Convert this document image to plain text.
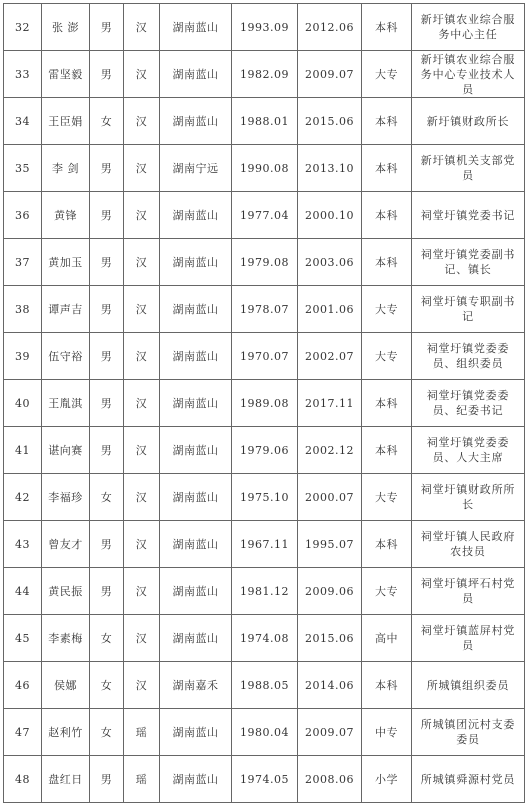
32	张 澎	男	汉	湖南蓝山	1993.09	2012.06	本科	新圩镇农业综合服务中心主任
33	雷坚毅	男	汉	湖南蓝山	1982.09	2009.07	大专	新圩镇农业综合服务中心专业技术人员
34	王臣娟	女	汉	湖南蓝山	1988.01	2015.06	本科	新圩镇财政所长
35	李 剑	男	汉	湖南宁远	1990.08	2013.10	本科	新圩镇机关支部党员
36	黄锋	男	汉	湖南蓝山	1977.04	2000.10	本科	祠堂圩镇党委书记
37	黄加玉	男	汉	湖南蓝山	1979.08	2003.06	本科	祠堂圩镇党委副书记、镇长
38	谭声吉	男	汉	湖南蓝山	1978.07	2001.06	大专	祠堂圩镇专职副书记
39	伍守裕	男	汉	湖南蓝山	1970.07	2002.07	大专	祠堂圩镇党委委员、组织委员
40	王胤淇	男	汉	湖南蓝山	1989.08	2017.11	本科	祠堂圩镇党委委员、纪委书记
41	谌向赛	男	汉	湖南蓝山	1979.06	2002.12	本科	祠堂圩镇党委委员、人大主席
42	李福珍	女	汉	湖南蓝山	1975.10	2000.07	大专	祠堂圩镇财政所所长
43	曾友才	男	汉	湖南蓝山	1967.11	1995.07	本科	祠堂圩镇人民政府农技员
44	黄民振	男	汉	湖南蓝山	1981.12	2009.06	大专	祠堂圩镇坪石村党员
45	李素梅	女	汉	湖南蓝山	1974.08	2015.06	高中	祠堂圩镇蓝屏村党员
46	侯娜	女	汉	湖南嘉禾	1988.05	2014.06	本科	所城镇组织委员
47	赵利竹	女	瑶	湖南蓝山	1980.04	2009.07	中专	所城镇团沅村支委委员
48	盘红日	男	瑶	湖南蓝山	1974.05	2008.06	小学	所城镇舜源村党员
